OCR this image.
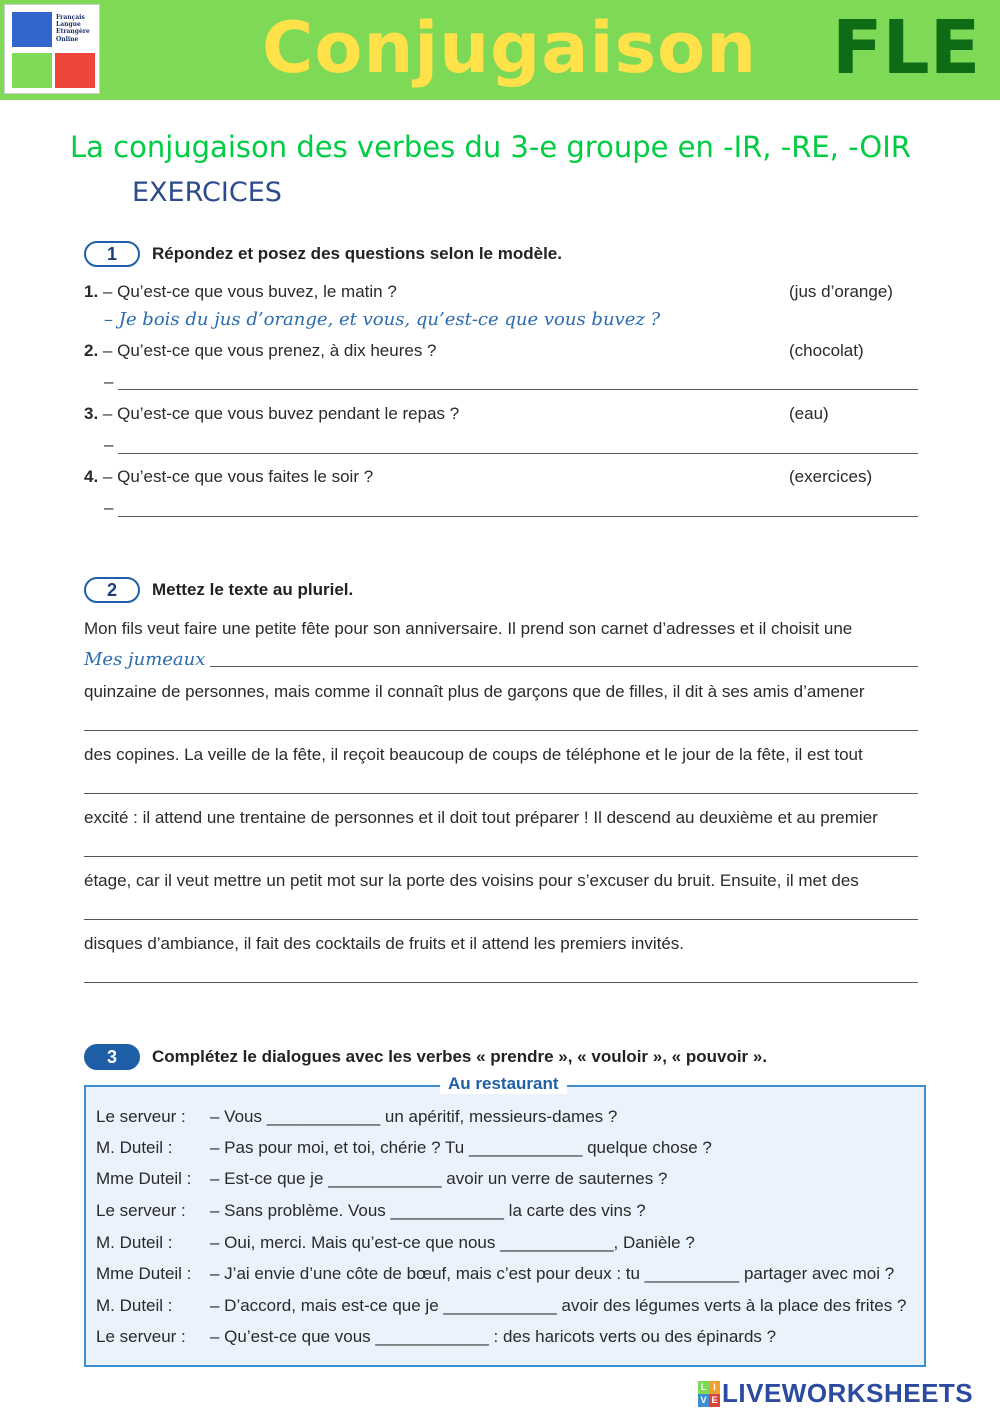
Français
Langue
Etrangère
Online	Conjugaison FLE
La conjugaison des verbes du 3-e groupe en -IR, -RE, -OIR
EXERCICES
1	Répondez et posez des questions selon le modèle.
1. – Qu’est-ce que vous buvez, le matin ?	(jus d’orange)
– Je bois du jus d’orange, et vous, qu’est-ce que vous buvez ?
2. – Qu’est-ce que vous prenez, à dix heures ?	(chocolat)
–
3. – Qu’est-ce que vous buvez pendant le repas ?	(eau)
–
4. – Qu’est-ce que vous faites le soir ?	(exercices)
–
2	Mettez le texte au pluriel.
Mon fils veut faire une petite fête pour son anniversaire. Il prend son carnet d’adresses et il choisit une
Mes jumeaux
quinzaine de personnes, mais comme il connaît plus de garçons que de filles, il dit à ses amis d’amener
des copines. La veille de la fête, il reçoit beaucoup de coups de téléphone et le jour de la fête, il est tout
excité : il attend une trentaine de personnes et il doit tout préparer ! Il descend au deuxième et au premier
étage, car il veut mettre un petit mot sur la porte des voisins pour s’excuser du bruit. Ensuite, il met des
disques d’ambiance, il fait des cocktails de fruits et il attend les premiers invités.
3	Complétez le dialogues avec les verbes « prendre », « vouloir », « pouvoir ».
Au restaurant
Le serveur : – Vous ____________ un apéritif, messieurs-dames ?
M. Duteil : – Pas pour moi, et toi, chérie ? Tu ____________ quelque chose ?
Mme Duteil : – Est-ce que je ____________ avoir un verre de sauternes ?
Le serveur : – Sans problème. Vous ____________ la carte des vins ?
M. Duteil : – Oui, merci. Mais qu’est-ce que nous ____________, Danièle ?
Mme Duteil : – J’ai envie d’une côte de bœuf, mais c’est pour deux : tu __________ partager avec moi ?
M. Duteil : – D’accord, mais est-ce que je ____________ avoir des légumes verts à la place des frites ?
Le serveur : – Qu’est-ce que vous ____________ : des haricots verts ou des épinards ?
L I
V E LIVEWORKSHEETS
